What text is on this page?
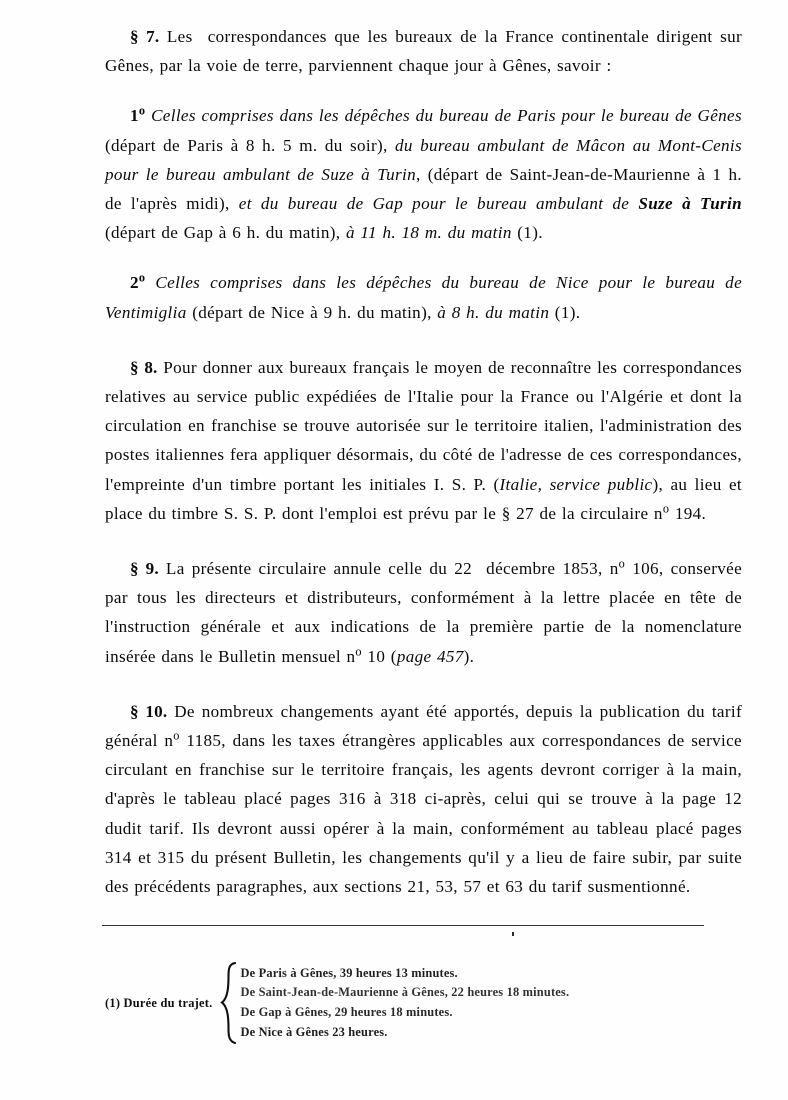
§ 7. Les  correspondances que les bureaux de la France continentale dirigent sur Gênes, par la voie de terre, parviennent chaque jour à Gênes, savoir :

1$^o$ Celles comprises dans les dépêches du bureau de Paris pour le bureau de Gênes (départ de Paris à 8 h. 5 m. du soir), du bureau ambulant de Mâcon au Mont-Cenis pour le bureau ambulant de Suze à Turin, (départ de Saint-Jean-de-Maurienne à 1 h. de l'après midi), et du bureau de Gap pour le bureau ambulant de Suze à Turin (départ de Gap à 6 h. du matin), à 11 h. 18 m. du matin (1).

2$^o$ Celles comprises dans les dépêches du bureau de Nice pour le bureau de Ventimiglia (départ de Nice à 9 h. du matin), à 8 h. du matin (1).

§ 8. Pour donner aux bureaux français le moyen de reconnaître les correspondances relatives au service public expédiées de l'Italie pour la France ou l'Algérie et dont la circulation en franchise se trouve autorisée sur le territoire italien, l'administration des postes italiennes fera appliquer désormais, du côté de l'adresse de ces correspondances, l'empreinte d'un timbre portant les initiales I. S. P. (Italie, service public), au lieu et place du timbre S. S. P. dont l'emploi est prévu par le § 27 de la circulaire $n^o$ 194.

§ 9. La présente circulaire annule celle du 22  décembre 1853, $n^o$ 106, conservée par tous les directeurs et distributeurs, conformément à la lettre placée en tête de l'instruction générale et aux indications de la première partie de la nomenclature insérée dans le Bulletin mensuel $n^o$ 10 (page 457).

§ 10. De nombreux changements ayant été apportés, depuis la publication du tarif général $n^o$ 1185, dans les taxes étrangères applicables aux correspondances de service circulant en franchise sur le territoire français, les agents devront corriger à la main, d'après le tableau placé pages 316 à 318 ci-après, celui qui se trouve à la page 12 dudit tarif. Ils devront aussi opérer à la main, conformément au tableau placé pages 314 et 315 du présent Bulletin, les changements qu'il y a lieu de faire subir, par suite des précédents paragraphes, aux sections 21, 53, 57 et 63 du tarif susmentionné.

(1) Durée du trajet.
De Paris à Gênes, 39 heures 13 minutes.
De Saint-Jean-de-Maurienne à Gênes, 22 heures 18 minutes.
De Gap à Gênes, 29 heures 18 minutes.
De Nice à Gênes 23 heures.
